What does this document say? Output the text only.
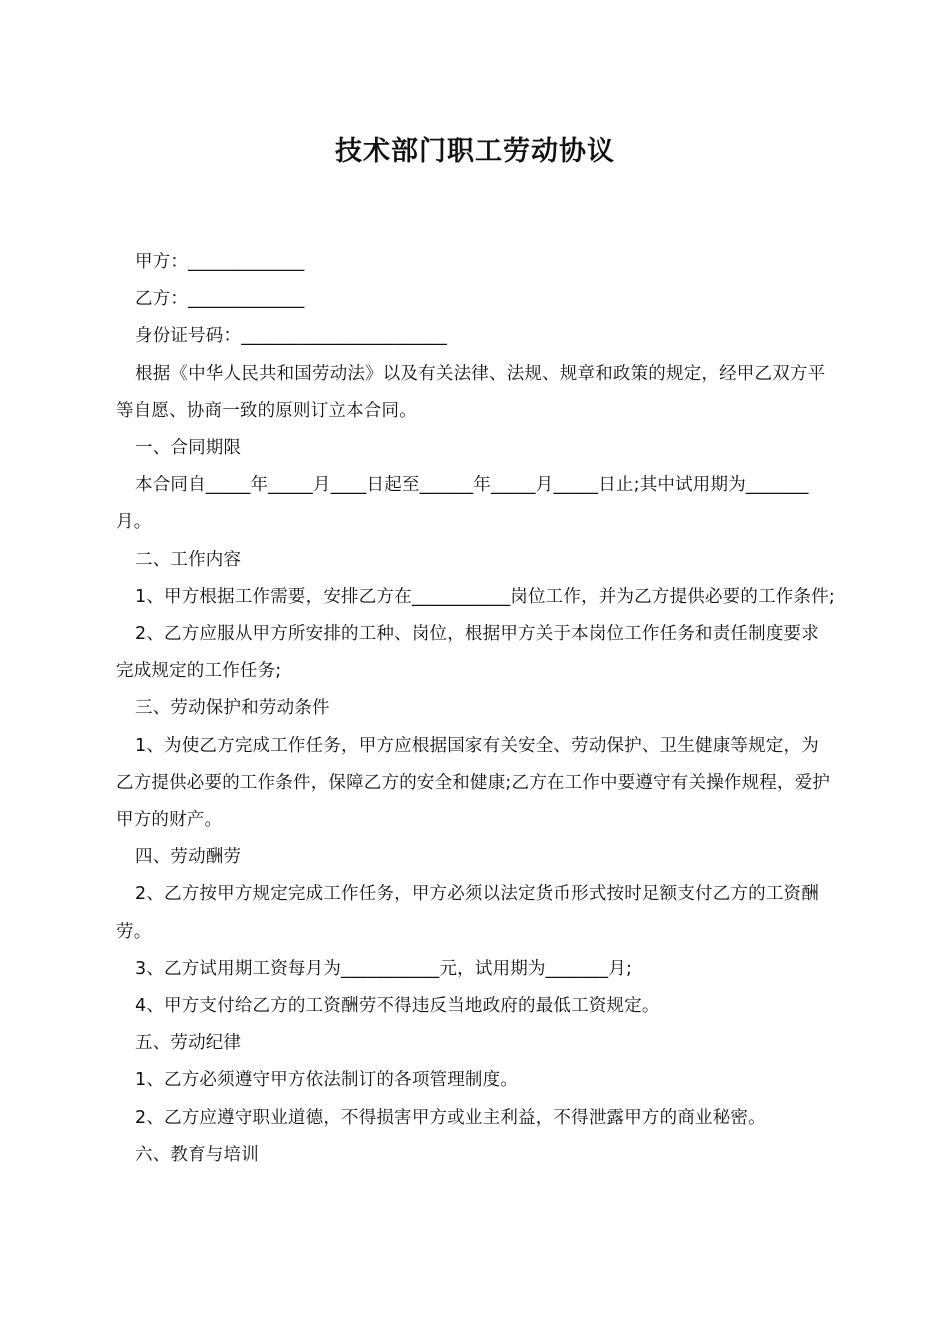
技术部门职工劳动协议

甲方：_____________

乙方：_____________

身份证号码：_______________________

根据《中华人民共和国劳动法》以及有关法律、法规、规章和政策的规定，经甲乙双方平等自愿、协商一致的原则订立本合同。

一、合同期限

本合同自_____年_____月____日起至______年_____月_____日止;其中试用期为_______月。

二、工作内容

1、甲方根据工作需要，安排乙方在___________岗位工作，并为乙方提供必要的工作条件;

2、乙方应服从甲方所安排的工种、岗位，根据甲方关于本岗位工作任务和责任制度要求完成规定的工作任务;

三、劳动保护和劳动条件

1、为使乙方完成工作任务，甲方应根据国家有关安全、劳动保护、卫生健康等规定，为乙方提供必要的工作条件，保障乙方的安全和健康;乙方在工作中要遵守有关操作规程，爱护甲方的财产。

四、劳动酬劳

2、乙方按甲方规定完成工作任务，甲方必须以法定货币形式按时足额支付乙方的工资酬劳。

3、乙方试用期工资每月为___________元，试用期为_______月;

4、甲方支付给乙方的工资酬劳不得违反当地政府的最低工资规定。

五、劳动纪律

1、乙方必须遵守甲方依法制订的各项管理制度。

2、乙方应遵守职业道德，不得损害甲方或业主利益，不得泄露甲方的商业秘密。

六、教育与培训
